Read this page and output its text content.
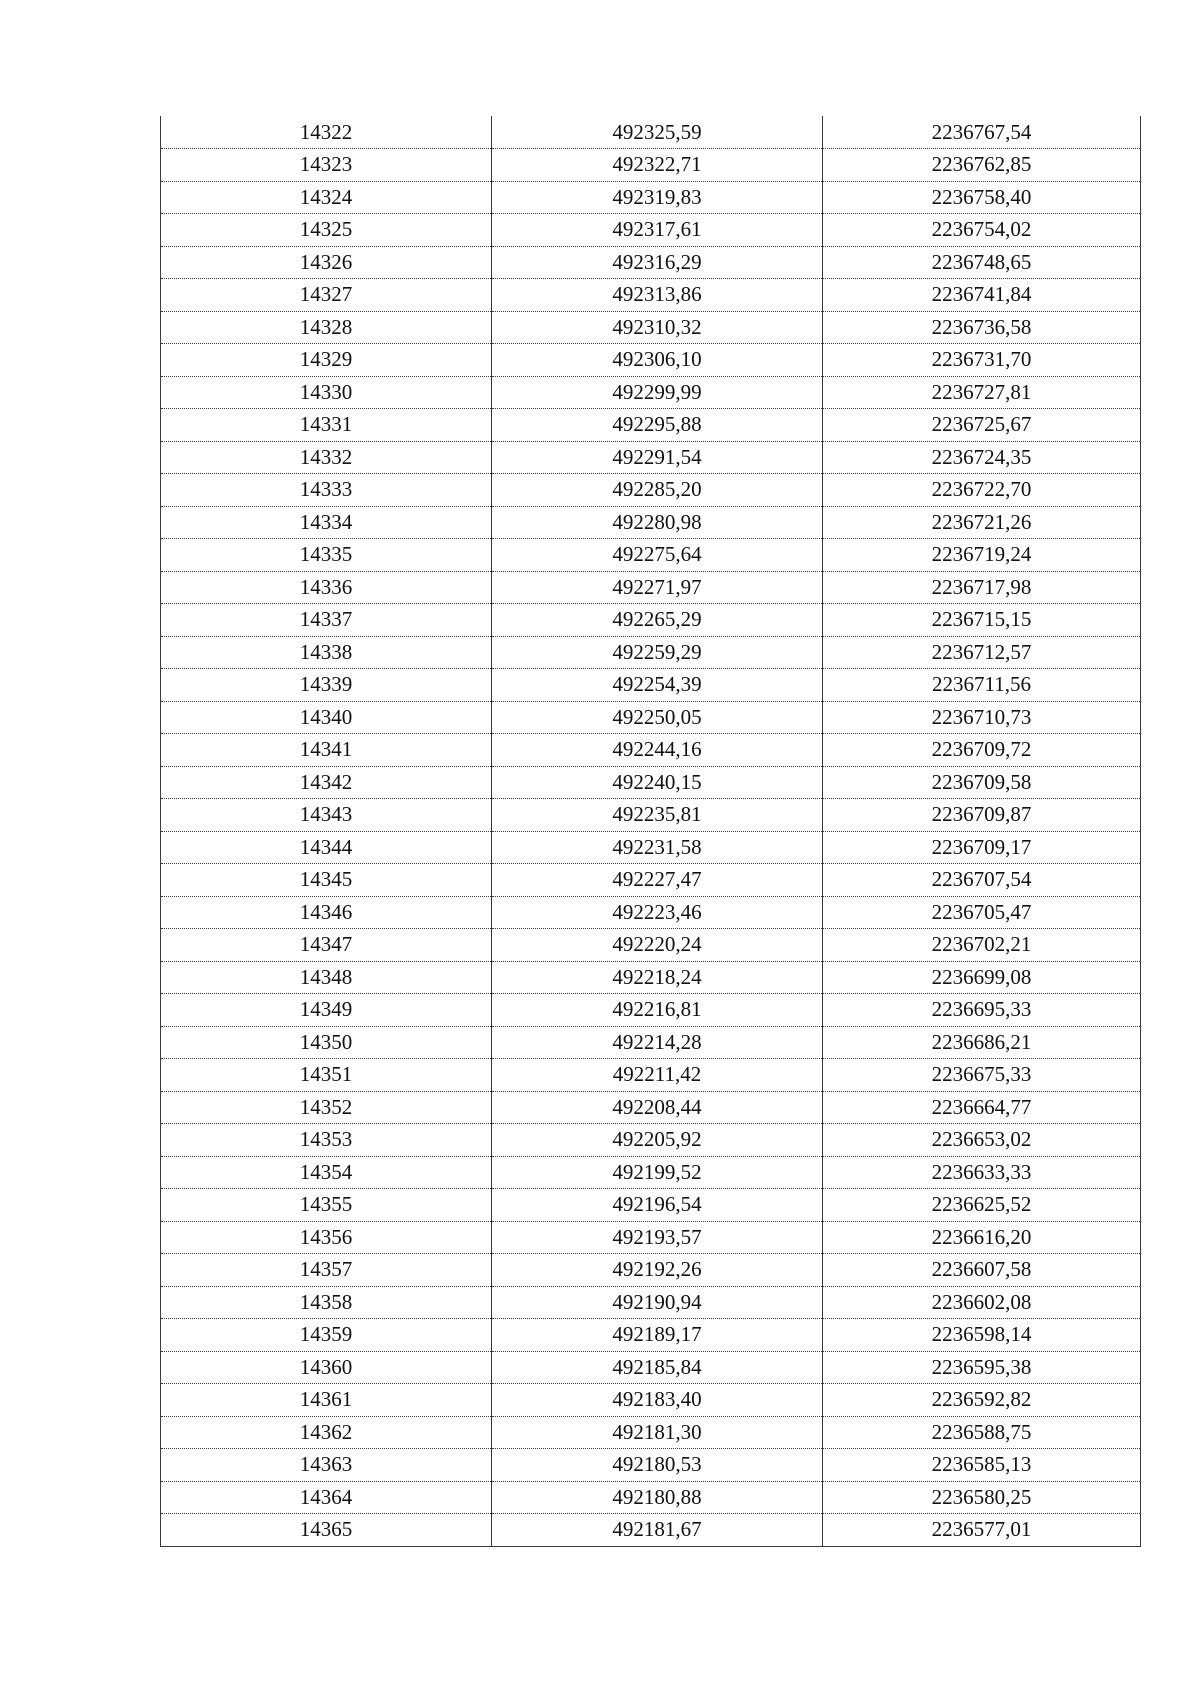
14322	492325,59	2236767,54
14323	492322,71	2236762,85
14324	492319,83	2236758,40
14325	492317,61	2236754,02
14326	492316,29	2236748,65
14327	492313,86	2236741,84
14328	492310,32	2236736,58
14329	492306,10	2236731,70
14330	492299,99	2236727,81
14331	492295,88	2236725,67
14332	492291,54	2236724,35
14333	492285,20	2236722,70
14334	492280,98	2236721,26
14335	492275,64	2236719,24
14336	492271,97	2236717,98
14337	492265,29	2236715,15
14338	492259,29	2236712,57
14339	492254,39	2236711,56
14340	492250,05	2236710,73
14341	492244,16	2236709,72
14342	492240,15	2236709,58
14343	492235,81	2236709,87
14344	492231,58	2236709,17
14345	492227,47	2236707,54
14346	492223,46	2236705,47
14347	492220,24	2236702,21
14348	492218,24	2236699,08
14349	492216,81	2236695,33
14350	492214,28	2236686,21
14351	492211,42	2236675,33
14352	492208,44	2236664,77
14353	492205,92	2236653,02
14354	492199,52	2236633,33
14355	492196,54	2236625,52
14356	492193,57	2236616,20
14357	492192,26	2236607,58
14358	492190,94	2236602,08
14359	492189,17	2236598,14
14360	492185,84	2236595,38
14361	492183,40	2236592,82
14362	492181,30	2236588,75
14363	492180,53	2236585,13
14364	492180,88	2236580,25
14365	492181,67	2236577,01
